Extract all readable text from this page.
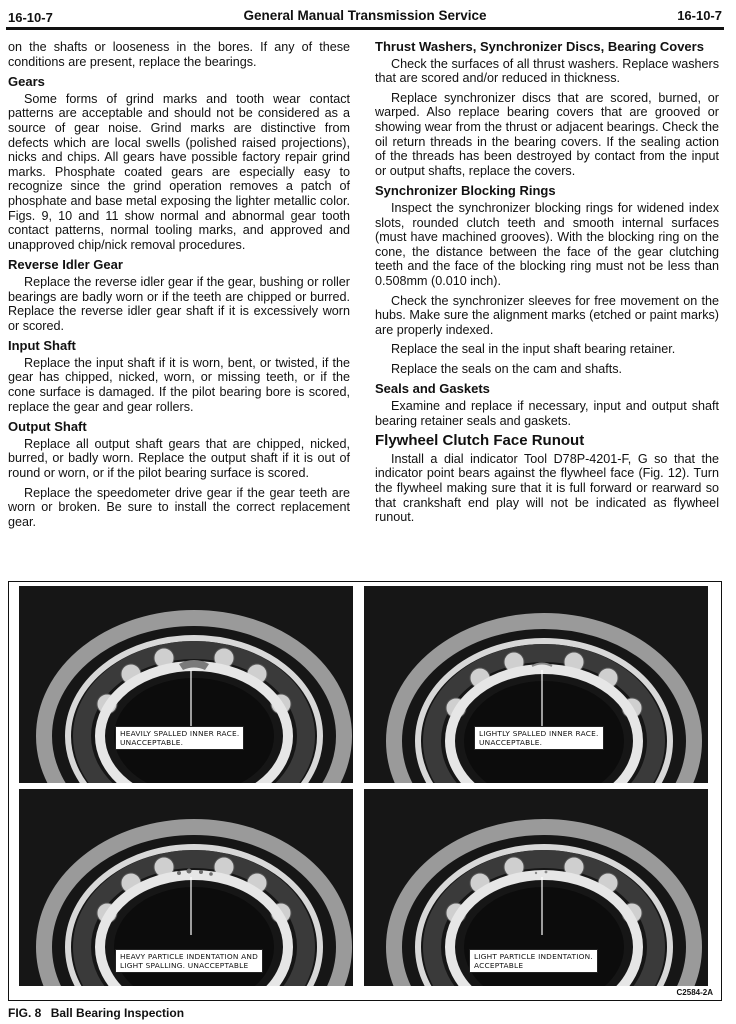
16-10-7	General Manual Transmission Service	16-10-7

on the shafts or looseness in the bores. If any of these conditions are present, replace the bearings.

Gears

Some forms of grind marks and tooth wear contact patterns are acceptable and should not be considered as a source of gear noise. Grind marks are distinctive from defects which are local swells (polished raised projections), nicks and chips. All gears have possible factory repair grind marks. Phosphate coated gears are especially easy to recognize since the grind operation removes a patch of phosphate and base metal exposing the lighter metallic color. Figs. 9, 10 and 11 show normal and abnormal gear tooth contact patterns, normal tooling marks, and approved and unapproved chip/nick removal procedures.

Reverse Idler Gear

Replace the reverse idler gear if the gear, bushing or roller bearings are badly worn or if the teeth are chipped or burred. Replace the reverse idler gear shaft if it is excessively worn or scored.

Input Shaft

Replace the input shaft if it is worn, bent, or twisted, if the gear has chipped, nicked, worn, or missing teeth, or if the cone surface is damaged. If the pilot bearing bore is scored, replace the gear and gear rollers.

Output Shaft

Replace all output shaft gears that are chipped, nicked, burred, or badly worn. Replace the output shaft if it is out of round or worn, or if the pilot bearing surface is scored.

Replace the speedometer drive gear if the gear teeth are worn or broken. Be sure to install the correct replacement gear.

Thrust Washers, Synchronizer Discs, Bearing Covers

Check the surfaces of all thrust washers. Replace washers that are scored and/or reduced in thickness.

Replace synchronizer discs that are scored, burned, or warped. Also replace bearing covers that are grooved or showing wear from the thrust or adjacent bearings. Check the oil return threads in the bearing covers. If the sealing action of the threads has been destroyed by contact from the input or output shafts, replace the covers.

Synchronizer Blocking Rings

Inspect the synchronizer blocking rings for widened index slots, rounded clutch teeth and smooth internal surfaces (must have machined grooves). With the blocking ring on the cone, the distance between the face of the gear clutching teeth and the face of the blocking ring must not be less than 0.508mm (0.010 inch).

Check the synchronizer sleeves for free movement on the hubs. Make sure the alignment marks (etched or paint marks) are properly indexed.

Replace the seal in the input shaft bearing retainer.

Replace the seals on the cam and shafts.

Seals and Gaskets

Examine and replace if necessary, input and output shaft bearing retainer seals and gaskets.

Flywheel Clutch Face Runout

Install a dial indicator Tool D78P-4201-F, G so that the indicator point bears against the flywheel face (Fig. 12). Turn the flywheel making sure that it is full forward or rearward so that crankshaft end play will not be indicated as flywheel runout.

HEAVILY SPALLED INNER RACE.
UNACCEPTABLE.
LIGHTLY SPALLED INNER RACE.
UNACCEPTABLE.
HEAVY PARTICLE INDENTATION AND
LIGHT SPALLING. UNACCEPTABLE
LIGHT PARTICLE INDENTATION.
ACCEPTABLE
C2584-2A
FIG. 8 Ball Bearing Inspection
